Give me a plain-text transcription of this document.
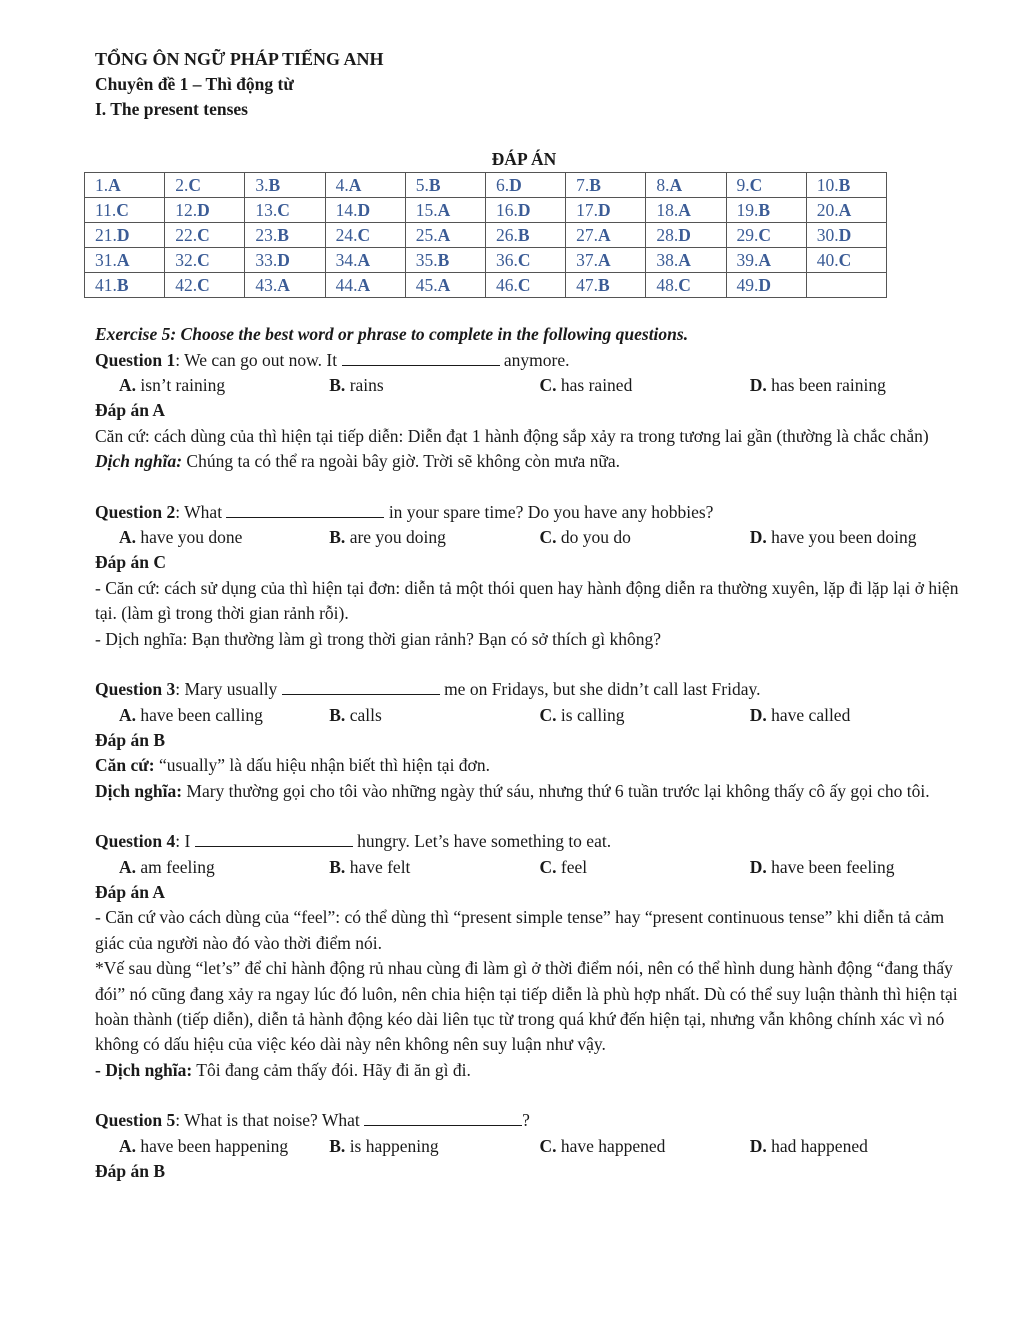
TỔNG ÔN NGỮ PHÁP TIẾNG ANH
Chuyên đề 1 – Thì động từ
I. The present tenses
ĐÁP ÁN
1.A	2.C	3.B	4.A	5.B	6.D	7.B	8.A	9.C	10.B
11.C	12.D	13.C	14.D	15.A	16.D	17.D	18.A	19.B	20.A
21.D	22.C	23.B	24.C	25.A	26.B	27.A	28.D	29.C	30.D
31.A	32.C	33.D	34.A	35.B	36.C	37.A	38.A	39.A	40.C
41.B	42.C	43.A	44.A	45.A	46.C	47.B	48.C	49.D	
Exercise 5: Choose the best word or phrase to complete in the following questions.
Question 1: We can go out now. It	anymore.
A. isn’t raining	B. rains	C. has rained	D. has been raining
Đáp án A
Căn cứ: cách dùng của thì hiện tại tiếp diễn: Diễn đạt 1 hành động sắp xảy ra trong tương lai gần (thường là chắc chắn)
Dịch nghĩa: Chúng ta có thể ra ngoài bây giờ. Trời sẽ không còn mưa nữa.
Question 2: What	in your spare time? Do you have any hobbies?
A. have you done	B. are you doing	C. do you do	D. have you been doing
Đáp án C
- Căn cứ: cách sử dụng của thì hiện tại đơn: diễn tả một thói quen hay hành động diễn ra thường xuyên, lặp đi lặp lại ở hiện tại. (làm gì trong thời gian rảnh rỗi).
- Dịch nghĩa: Bạn thường làm gì trong thời gian rảnh? Bạn có sở thích gì không?
Question 3: Mary usually	me on Fridays, but she didn’t call last Friday.
A. have been calling	B. calls	C. is calling	D. have called
Đáp án B
Căn cứ: “usually” là dấu hiệu nhận biết thì hiện tại đơn.
Dịch nghĩa: Mary thường gọi cho tôi vào những ngày thứ sáu, nhưng thứ 6 tuần trước lại không thấy cô ấy gọi cho tôi.
Question 4: I	hungry. Let’s have something to eat.
A. am feeling	B. have felt	C. feel	D. have been feeling
Đáp án A
- Căn cứ vào cách dùng của “feel”: có thể dùng thì “present simple tense” hay “present continuous tense” khi diễn tả cảm giác của người nào đó vào thời điểm nói.
*Vế sau dùng “let’s” để chỉ hành động rủ nhau cùng đi làm gì ở thời điểm nói, nên có thể hình dung hành động “đang thấy đói” nó cũng đang xảy ra ngay lúc đó luôn, nên chia hiện tại tiếp diễn là phù hợp nhất. Dù có thể suy luận thành thì hiện tại hoàn thành (tiếp diễn), diễn tả hành động kéo dài liên tục từ trong quá khứ đến hiện tại, nhưng vẫn không chính xác vì nó không có dấu hiệu của việc kéo dài này nên không nên suy luận như vậy.
- Dịch nghĩa: Tôi đang cảm thấy đói. Hãy đi ăn gì đi.
Question 5: What is that noise? What	?
A. have been happening	B. is happening	C. have happened	D. had happened
Đáp án B
